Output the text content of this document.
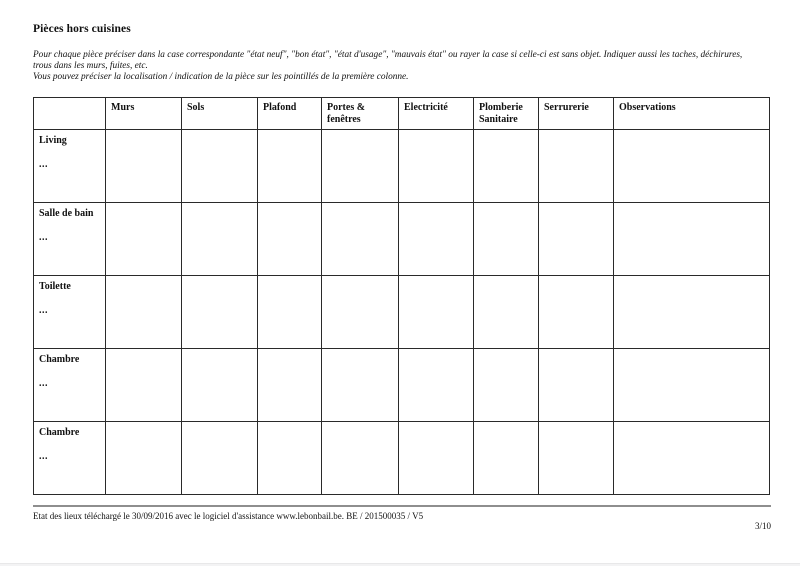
Pièces hors cuisines
Pour chaque pièce préciser dans la case correspondante "état neuf", "bon état", "état d'usage", "mauvais état" ou rayer la case si celle-ci est sans objet. Indiquer aussi les taches, déchirures,
trous dans les murs, fuites, etc.
Vous pouvez préciser la localisation / indication de la pièce sur les pointillés de la première colonne.
	Murs	Sols	Plafond	Portes & fenêtres	Electricité	Plomberie Sanitaire	Serrurerie	Observations

Living
...								

Salle de bain
...								

Toilette
...								

Chambre
...								

Chambre
...								

Etat des lieux téléchargé le 30/09/2016 avec le logiciel d'assistance www.lebonbail.be. BE / 201500035 / V5
3/10
